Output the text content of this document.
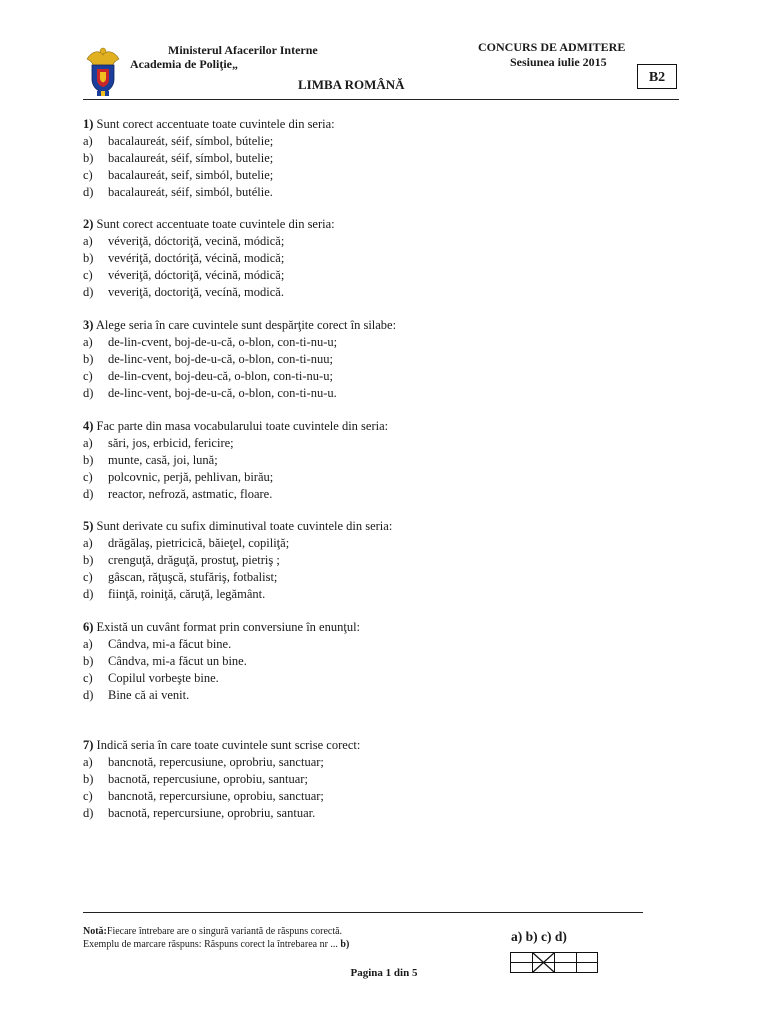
Ministerul Afacerilor Interne
Academia de Poliţie„
LIMBA ROMÂNĂ
CONCURS DE ADMITERE
Sesiunea iulie 2015
B2
1) Sunt corect accentuate toate cuvintele din seria:
a)	bacalaureát, séif, símbol, bútelie;
b)	bacalaureát, séif, símbol, butelie;
c)	bacalaureát, seif, simból, butelie;
d)	bacalaureát, séif, simból, butélie.
2) Sunt corect accentuate toate cuvintele din seria:
a)	véveriţă, dóctoriţă, vecină, módică;
b)	vevériţă, doctóriţă, vécină, modică;
c)	véveriţă, dóctoriţă, vécină, módică;
d)	veveriţă, doctoriţă, vecínă, modică.
3) Alege seria în care cuvintele sunt despărţite corect în silabe:
a)	de-lin-cvent, boj-de-u-că, o-blon, con-ti-nu-u;
b)	de-linc-vent, boj-de-u-că, o-blon, con-ti-nuu;
c)	de-lin-cvent, boj-deu-că, o-blon, con-ti-nu-u;
d)	de-linc-vent, boj-de-u-că, o-blon, con-ti-nu-u.
4) Fac parte din masa vocabularului toate cuvintele din seria:
a)	sări, jos, erbicid, fericire;
b)	munte, casă, joi, lună;
c)	polcovnic, perjă, pehlivan, birău;
d)	reactor, nefroză, astmatic, floare.
5) Sunt derivate cu sufix diminutival toate cuvintele din seria:
a)	drăgălaş, pietricică, băieţel, copiliţă;
b)	crenguţă, drăguţă, prostuţ, pietriş ;
c)	gâscan, răţuşcă, stufăriş, fotbalist;
d)	fiinţă, roiniţă, căruţă, legământ.
6) Există un cuvânt format prin conversiune în enunţul:
a)	Cândva, mi-a făcut bine.
b)	Cândva, mi-a făcut un bine.
c)	Copilul vorbeşte bine.
d)	Bine că ai venit.
7) Indică seria în care toate cuvintele sunt scrise corect:
a)	bancnotă, repercusiune, oprobriu, sanctuar;
b)	bacnotă, repercusiune, oprobiu, santuar;
c)	bancnotă, repercursiune, oprobiu, sanctuar;
d)	bacnotă, repercursiune, oprobriu, santuar.
Notă:Fiecare întrebare are o singură variantă de răspuns corectă.
Exemplu de marcare răspuns: Răspuns corect la întrebarea nr ... b)
a) b) c) d)
Pagina 1 din 5
